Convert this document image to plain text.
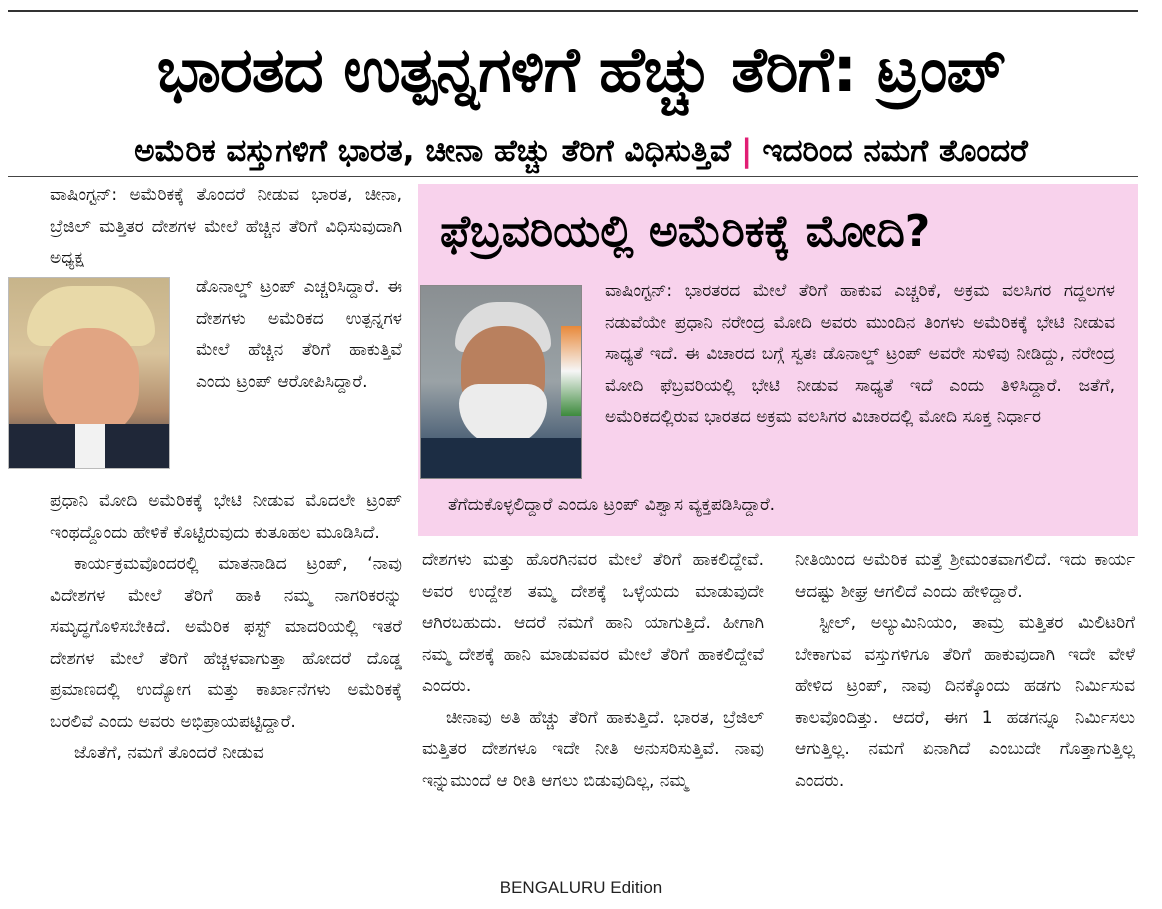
ಭಾರತದ ಉತ್ಪನ್ನಗಳಿಗೆ ಹೆಚ್ಚು ತೆರಿಗೆ: ಟ್ರಂಪ್
ಅಮೆರಿಕ ವಸ್ತುಗಳಿಗೆ ಭಾರತ, ಚೀನಾ ಹೆಚ್ಚು ತೆರಿಗೆ ವಿಧಿಸುತ್ತಿವೆ | ಇದರಿಂದ ನಮಗೆ ತೊಂದರೆ

ವಾಷಿಂಗ್ಟನ್: ಅಮೆರಿಕಕ್ಕೆ ತೊಂದರೆ ನೀಡುವ ಭಾರತ, ಚೀನಾ, ಬ್ರೆಜಿಲ್ ಮತ್ತಿತರ ದೇಶಗಳ ಮೇಲೆ ಹೆಚ್ಚಿನ ತೆರಿಗೆ ವಿಧಿಸುವುದಾಗಿ ಅಧ್ಯಕ್ಷ

ಡೊನಾಲ್ಡ್ ಟ್ರಂಪ್ ಎಚ್ಚರಿಸಿದ್ದಾರೆ. ಈ ದೇಶಗಳು ಅಮೆರಿಕದ ಉತ್ಪನ್ನಗಳ ಮೇಲೆ ಹೆಚ್ಚಿನ ತೆರಿಗೆ ಹಾಕುತ್ತಿವೆ ಎಂದು ಟ್ರಂಪ್ ಆರೋಪಿಸಿದ್ದಾರೆ.

ಪ್ರಧಾನಿ ಮೋದಿ ಅಮೆರಿಕಕ್ಕೆ ಭೇಟಿ ನೀಡುವ ಮೊದಲೇ ಟ್ರಂಪ್ ಇಂಥದ್ದೊಂದು ಹೇಳಿಕೆ ಕೊಟ್ಟಿರುವುದು ಕುತೂಹಲ ಮೂಡಿಸಿದೆ.

ಕಾರ್ಯಕ್ರಮವೊಂದರಲ್ಲಿ ಮಾತನಾಡಿದ ಟ್ರಂಪ್, ‘ನಾವು ವಿದೇಶಗಳ ಮೇಲೆ ತೆರಿಗೆ ಹಾಕಿ ನಮ್ಮ ನಾಗರಿಕರನ್ನು ಸಮೃದ್ಧಗೊಳಿಸಬೇಕಿದೆ. ಅಮೆರಿಕ ಫಸ್ಟ್ ಮಾದರಿಯಲ್ಲಿ ಇತರೆ ದೇಶಗಳ ಮೇಲೆ ತೆರಿಗೆ ಹೆಚ್ಚಳವಾಗುತ್ತಾ ಹೋದರೆ ದೊಡ್ಡ ಪ್ರಮಾಣದಲ್ಲಿ ಉದ್ಯೋಗ ಮತ್ತು ಕಾರ್ಖಾನೆಗಳು ಅಮೆರಿಕಕ್ಕೆ ಬರಲಿವೆ ಎಂದು ಅವರು ಅಭಿಪ್ರಾಯಪಟ್ಟಿದ್ದಾರೆ.

ಜೊತೆಗೆ, ನಮಗೆ ತೊಂದರೆ ನೀಡುವ

ಫೆಬ್ರವರಿಯಲ್ಲಿ ಅಮೆರಿಕಕ್ಕೆ ಮೋದಿ?

ವಾಷಿಂಗ್ಟನ್: ಭಾರತರದ ಮೇಲೆ ತೆರಿಗೆ ಹಾಕುವ ಎಚ್ಚರಿಕೆ, ಅಕ್ರಮ ವಲಸಿಗರ ಗದ್ದಲಗಳ ನಡುವೆಯೇ ಪ್ರಧಾನಿ ನರೇಂದ್ರ ಮೋದಿ ಅವರು ಮುಂದಿನ ತಿಂಗಳು ಅಮೆರಿಕಕ್ಕೆ ಭೇಟಿ ನೀಡುವ ಸಾಧ್ಯತೆ ಇದೆ. ಈ ವಿಚಾರದ ಬಗ್ಗೆ ಸ್ವತಃ ಡೊನಾಲ್ಡ್ ಟ್ರಂಪ್ ಅವರೇ ಸುಳಿವು ನೀಡಿದ್ದು, ನರೇಂದ್ರ ಮೋದಿ ಫೆಬ್ರವರಿಯಲ್ಲಿ ಭೇಟಿ ನೀಡುವ ಸಾಧ್ಯತೆ ಇದೆ ಎಂದು ತಿಳಿಸಿದ್ದಾರೆ. ಜತೆಗೆ, ಅಮೆರಿಕದಲ್ಲಿರುವ ಭಾರತದ ಅಕ್ರಮ ವಲಸಿಗರ ವಿಚಾರದಲ್ಲಿ ಮೋದಿ ಸೂಕ್ತ ನಿರ್ಧಾರ

ತೆಗೆದುಕೊಳ್ಳಲಿದ್ದಾರೆ ಎಂದೂ ಟ್ರಂಪ್ ವಿಶ್ವಾಸ ವ್ಯಕ್ತಪಡಿಸಿದ್ದಾರೆ.

ದೇಶಗಳು ಮತ್ತು ಹೊರಗಿನವರ ಮೇಲೆ ತೆರಿಗೆ ಹಾಕಲಿದ್ದೇವೆ. ಅವರ ಉದ್ದೇಶ ತಮ್ಮ ದೇಶಕ್ಕೆ ಒಳ್ಳೆಯದು ಮಾಡುವುದೇ ಆಗಿರಬಹುದು. ಆದರೆ ನಮಗೆ ಹಾನಿ ಯಾಗುತ್ತಿದೆ. ಹೀಗಾಗಿ ನಮ್ಮ ದೇಶಕ್ಕೆ ಹಾನಿ ಮಾಡುವವರ ಮೇಲೆ ತೆರಿಗೆ ಹಾಕಲಿದ್ದೇವೆ ಎಂದರು.

ಚೀನಾವು ಅತಿ ಹೆಚ್ಚು ತೆರಿಗೆ ಹಾಕುತ್ತಿದೆ. ಭಾರತ, ಬ್ರೆಜಿಲ್ ಮತ್ತಿತರ ದೇಶಗಳೂ ಇದೇ ನೀತಿ ಅನುಸರಿಸುತ್ತಿವೆ. ನಾವು ಇನ್ನುಮುಂದೆ ಆ ರೀತಿ ಆಗಲು ಬಿಡುವುದಿಲ್ಲ, ನಮ್ಮ

ನೀತಿಯಿಂದ ಅಮೆರಿಕ ಮತ್ತೆ ಶ್ರೀಮಂತವಾಗಲಿದೆ. ಇದು ಕಾರ್ಯ ಆದಷ್ಟು ಶೀಘ್ರ ಆಗಲಿದೆ ಎಂದು ಹೇಳಿದ್ದಾರೆ.

ಸ್ಟೀಲ್, ಅಲ್ಯುಮಿನಿಯಂ, ತಾಮ್ರ ಮತ್ತಿತರ ಮಿಲಿಟರಿಗೆ ಬೇಕಾಗುವ ವಸ್ತುಗಳಿಗೂ ತೆರಿಗೆ ಹಾಕುವುದಾಗಿ ಇದೇ ವೇಳೆ ಹೇಳಿದ ಟ್ರಂಪ್, ನಾವು ದಿನಕ್ಕೊಂದು ಹಡಗು ನಿರ್ಮಿಸುವ ಕಾಲವೊಂದಿತ್ತು. ಆದರೆ, ಈಗ 1 ಹಡಗನ್ನೂ ನಿರ್ಮಿಸಲು ಆಗುತ್ತಿಲ್ಲ. ನಮಗೆ ಏನಾಗಿದೆ ಎಂಬುದೇ ಗೊತ್ತಾಗುತ್ತಿಲ್ಲ ಎಂದರು.

BENGALURU Edition
